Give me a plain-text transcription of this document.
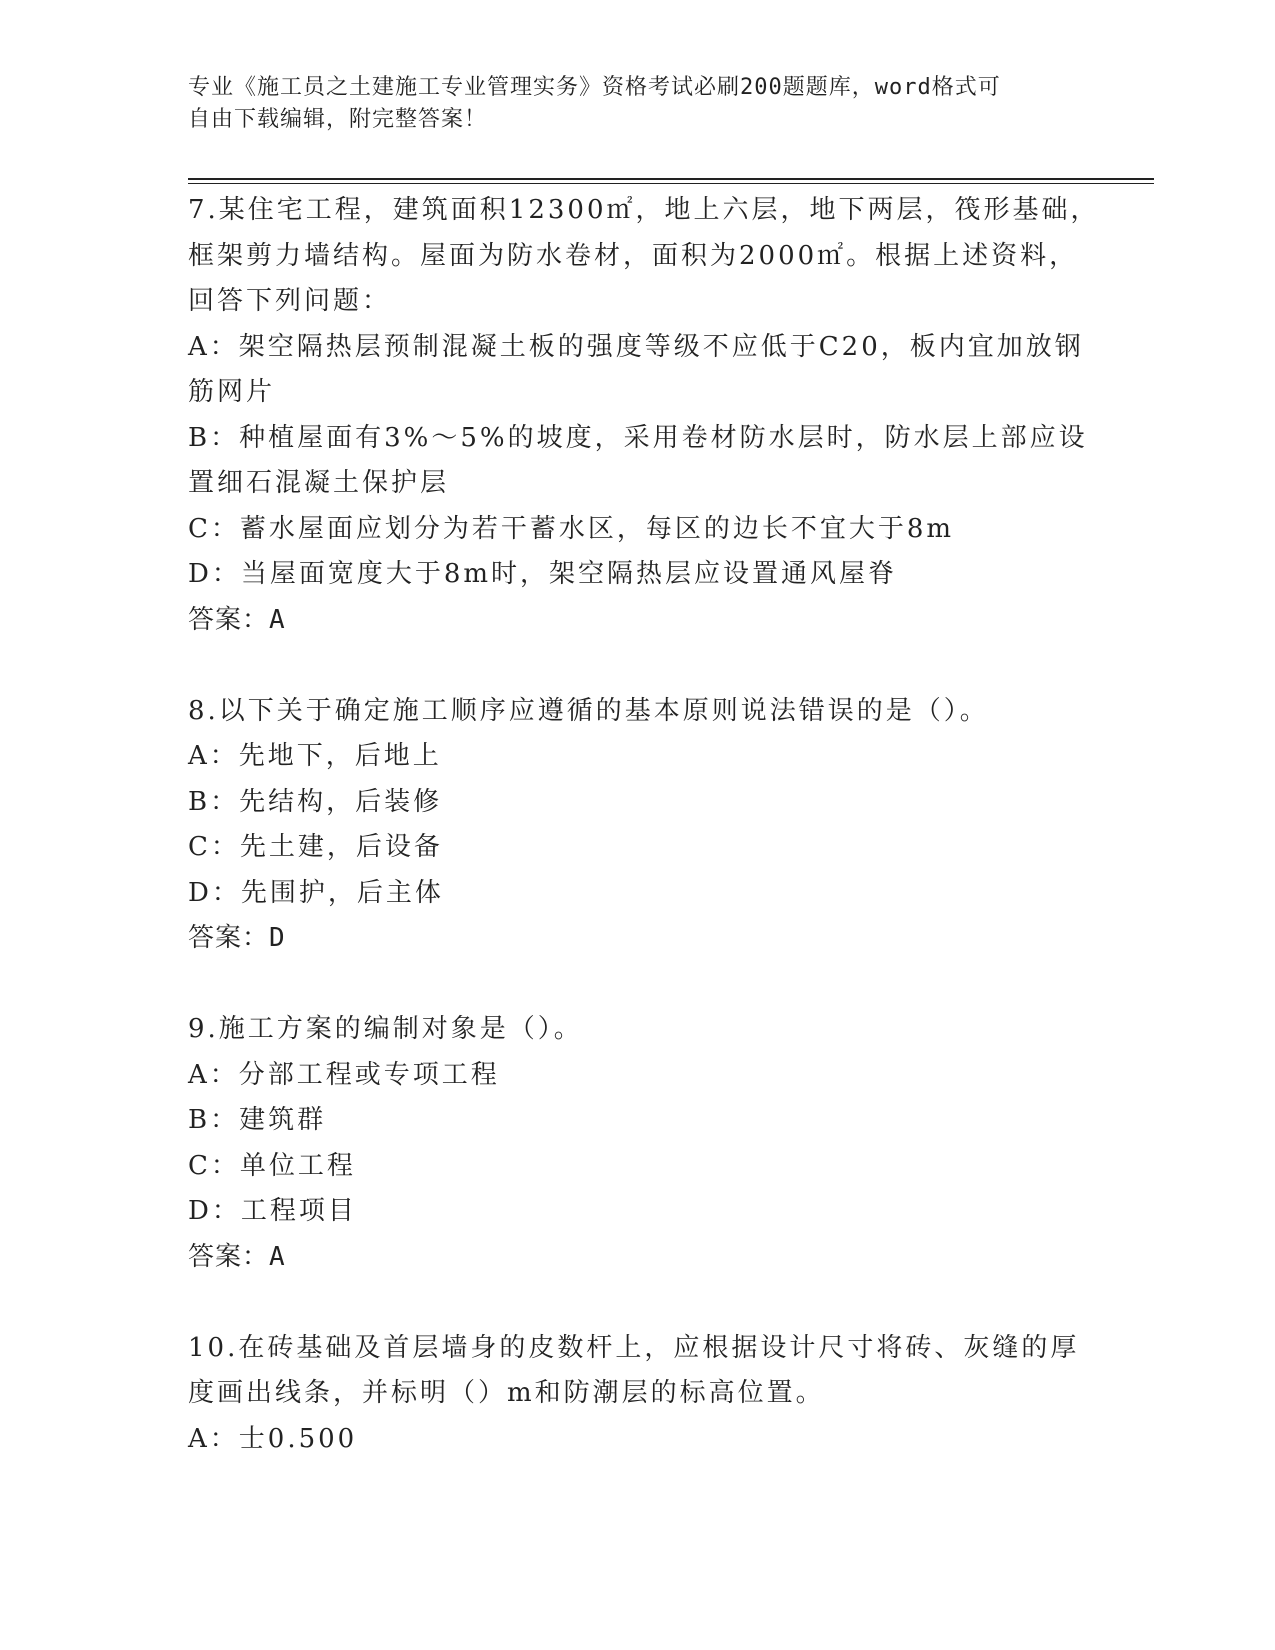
专业《施工员之土建施工专业管理实务》资格考试必刷200题题库，word格式可
自由下载编辑，附完整答案！
7.某住宅工程，建筑面积12300㎡，地上六层，地下两层，筏形基础，
框架剪力墙结构。屋面为防水卷材，面积为2000㎡。根据上述资料，
回答下列问题：
A：架空隔热层预制混凝土板的强度等级不应低于C20，板内宜加放钢
筋网片
B：种植屋面有3%～5%的坡度，采用卷材防水层时，防水层上部应设
置细石混凝土保护层
C：蓄水屋面应划分为若干蓄水区，每区的边长不宜大于8m
D：当屋面宽度大于8m时，架空隔热层应设置通风屋脊
答案：A
8.以下关于确定施工顺序应遵循的基本原则说法错误的是（）。
A：先地下，后地上
B：先结构，后装修
C：先土建，后设备
D：先围护，后主体
答案：D
9.施工方案的编制对象是（）。
A：分部工程或专项工程
B：建筑群
C：单位工程
D：工程项目
答案：A
10.在砖基础及首层墙身的皮数杆上，应根据设计尺寸将砖、灰缝的厚
度画出线条，并标明（）m和防潮层的标高位置。
A：士0.500
